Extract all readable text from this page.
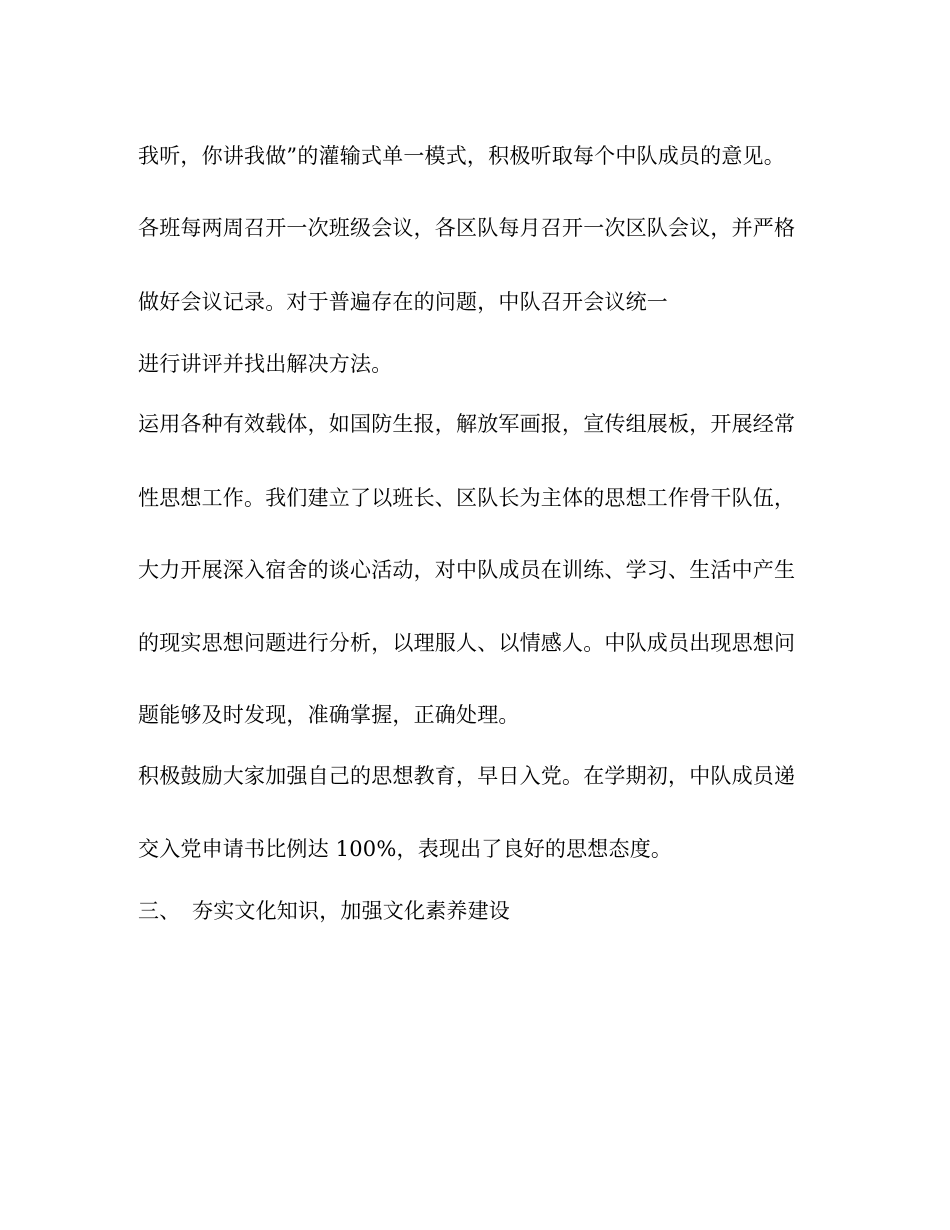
我听，你讲我做”的灌输式单一模式，积极听取每个中队成员的意见。
各班每两周召开一次班级会议，各区队每月召开一次区队会议，并严格
做好会议记录。对于普遍存在的问题，中队召开会议统一
进行讲评并找出解决方法。
运用各种有效载体，如国防生报，解放军画报，宣传组展板，开展经常
性思想工作。我们建立了以班长、区队长为主体的思想工作骨干队伍，
大力开展深入宿舍的谈心活动，对中队成员在训练、学习、生活中产生
的现实思想问题进行分析，以理服人、以情感人。中队成员出现思想问
题能够及时发现，准确掌握，正确处理。
积极鼓励大家加强自己的思想教育，早日入党。在学期初，中队成员递
交入党申请书比例达 100%，表现出了良好的思想态度。
三、 夯实文化知识，加强文化素养建设
